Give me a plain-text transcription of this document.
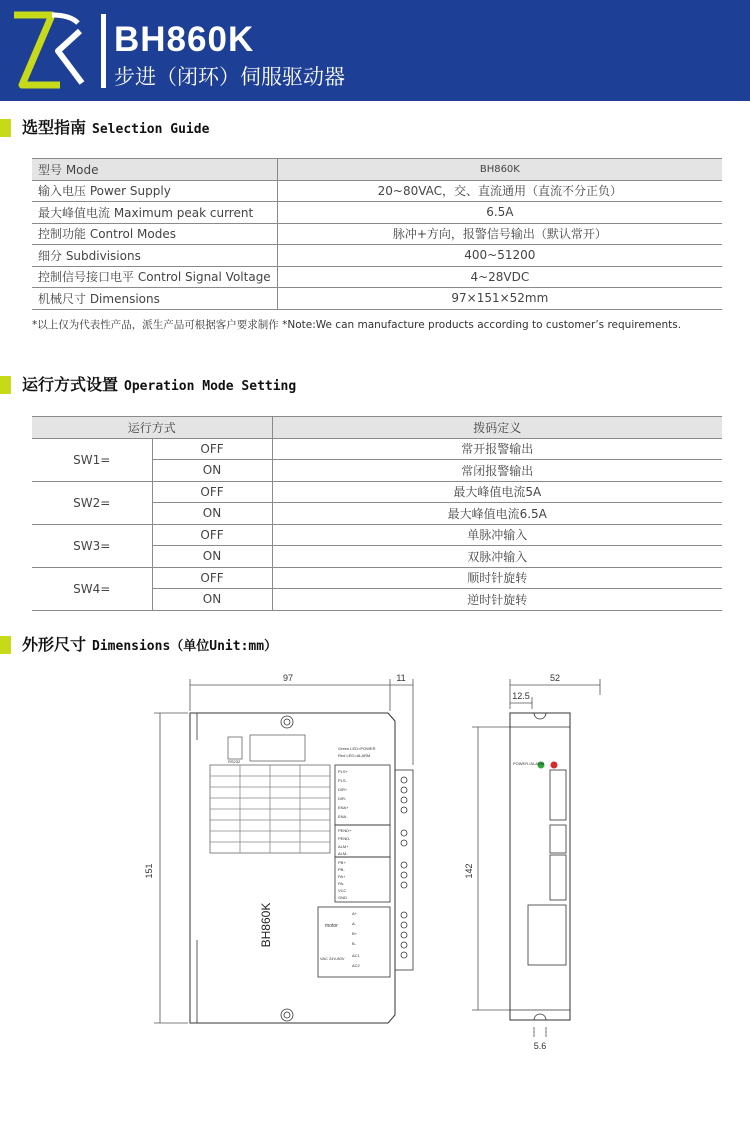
BH860K
步进（闭环）伺服驱动器
选型指南 Selection Guide
型号 Mode	BH860K
输入电压 Power Supply	20~80VAC，交、直流通用（直流不分正负）
最大峰值电流 Maximum peak current	6.5A
控制功能 Control Modes	脉冲+方向，报警信号输出（默认常开）
细分 Subdivisions	400~51200
控制信号接口电平 Control Signal Voltage	4~28VDC
机械尺寸 Dimensions	97×151×52mm
*以上仅为代表性产品，派生产品可根据客户要求制作 *Note:We can manufacture products according to customer’s requirements.
运行方式设置 Operation Mode Setting
运行方式		拨码定义
SW1=	OFF	常开报警输出
	ON	常闭报警输出
SW2=	OFF	最大峰值电流5A
	ON	最大峰值电流6.5A
SW3=	OFF	单脉冲输入
	ON	双脉冲输入
SW4=	OFF	顺时针旋转
	ON	逆时针旋转
外形尺寸 Dimensions（单位Unit:mm）
97	11
151
52
12.5
142
5.6
BH860K	motor
VAC 24V-80V
Green LED=POWER
Red LED=ALARM
POWER /ALARM
RS232
PLS+
PLS-
DIR+
DIR-
ENA+
ENA-
PEND+
PEND-
ALM+
ALM-
PB+
PB-
PA+
PA-
VCC
GND
A+
A-
B+
B-
AC1
AC2
